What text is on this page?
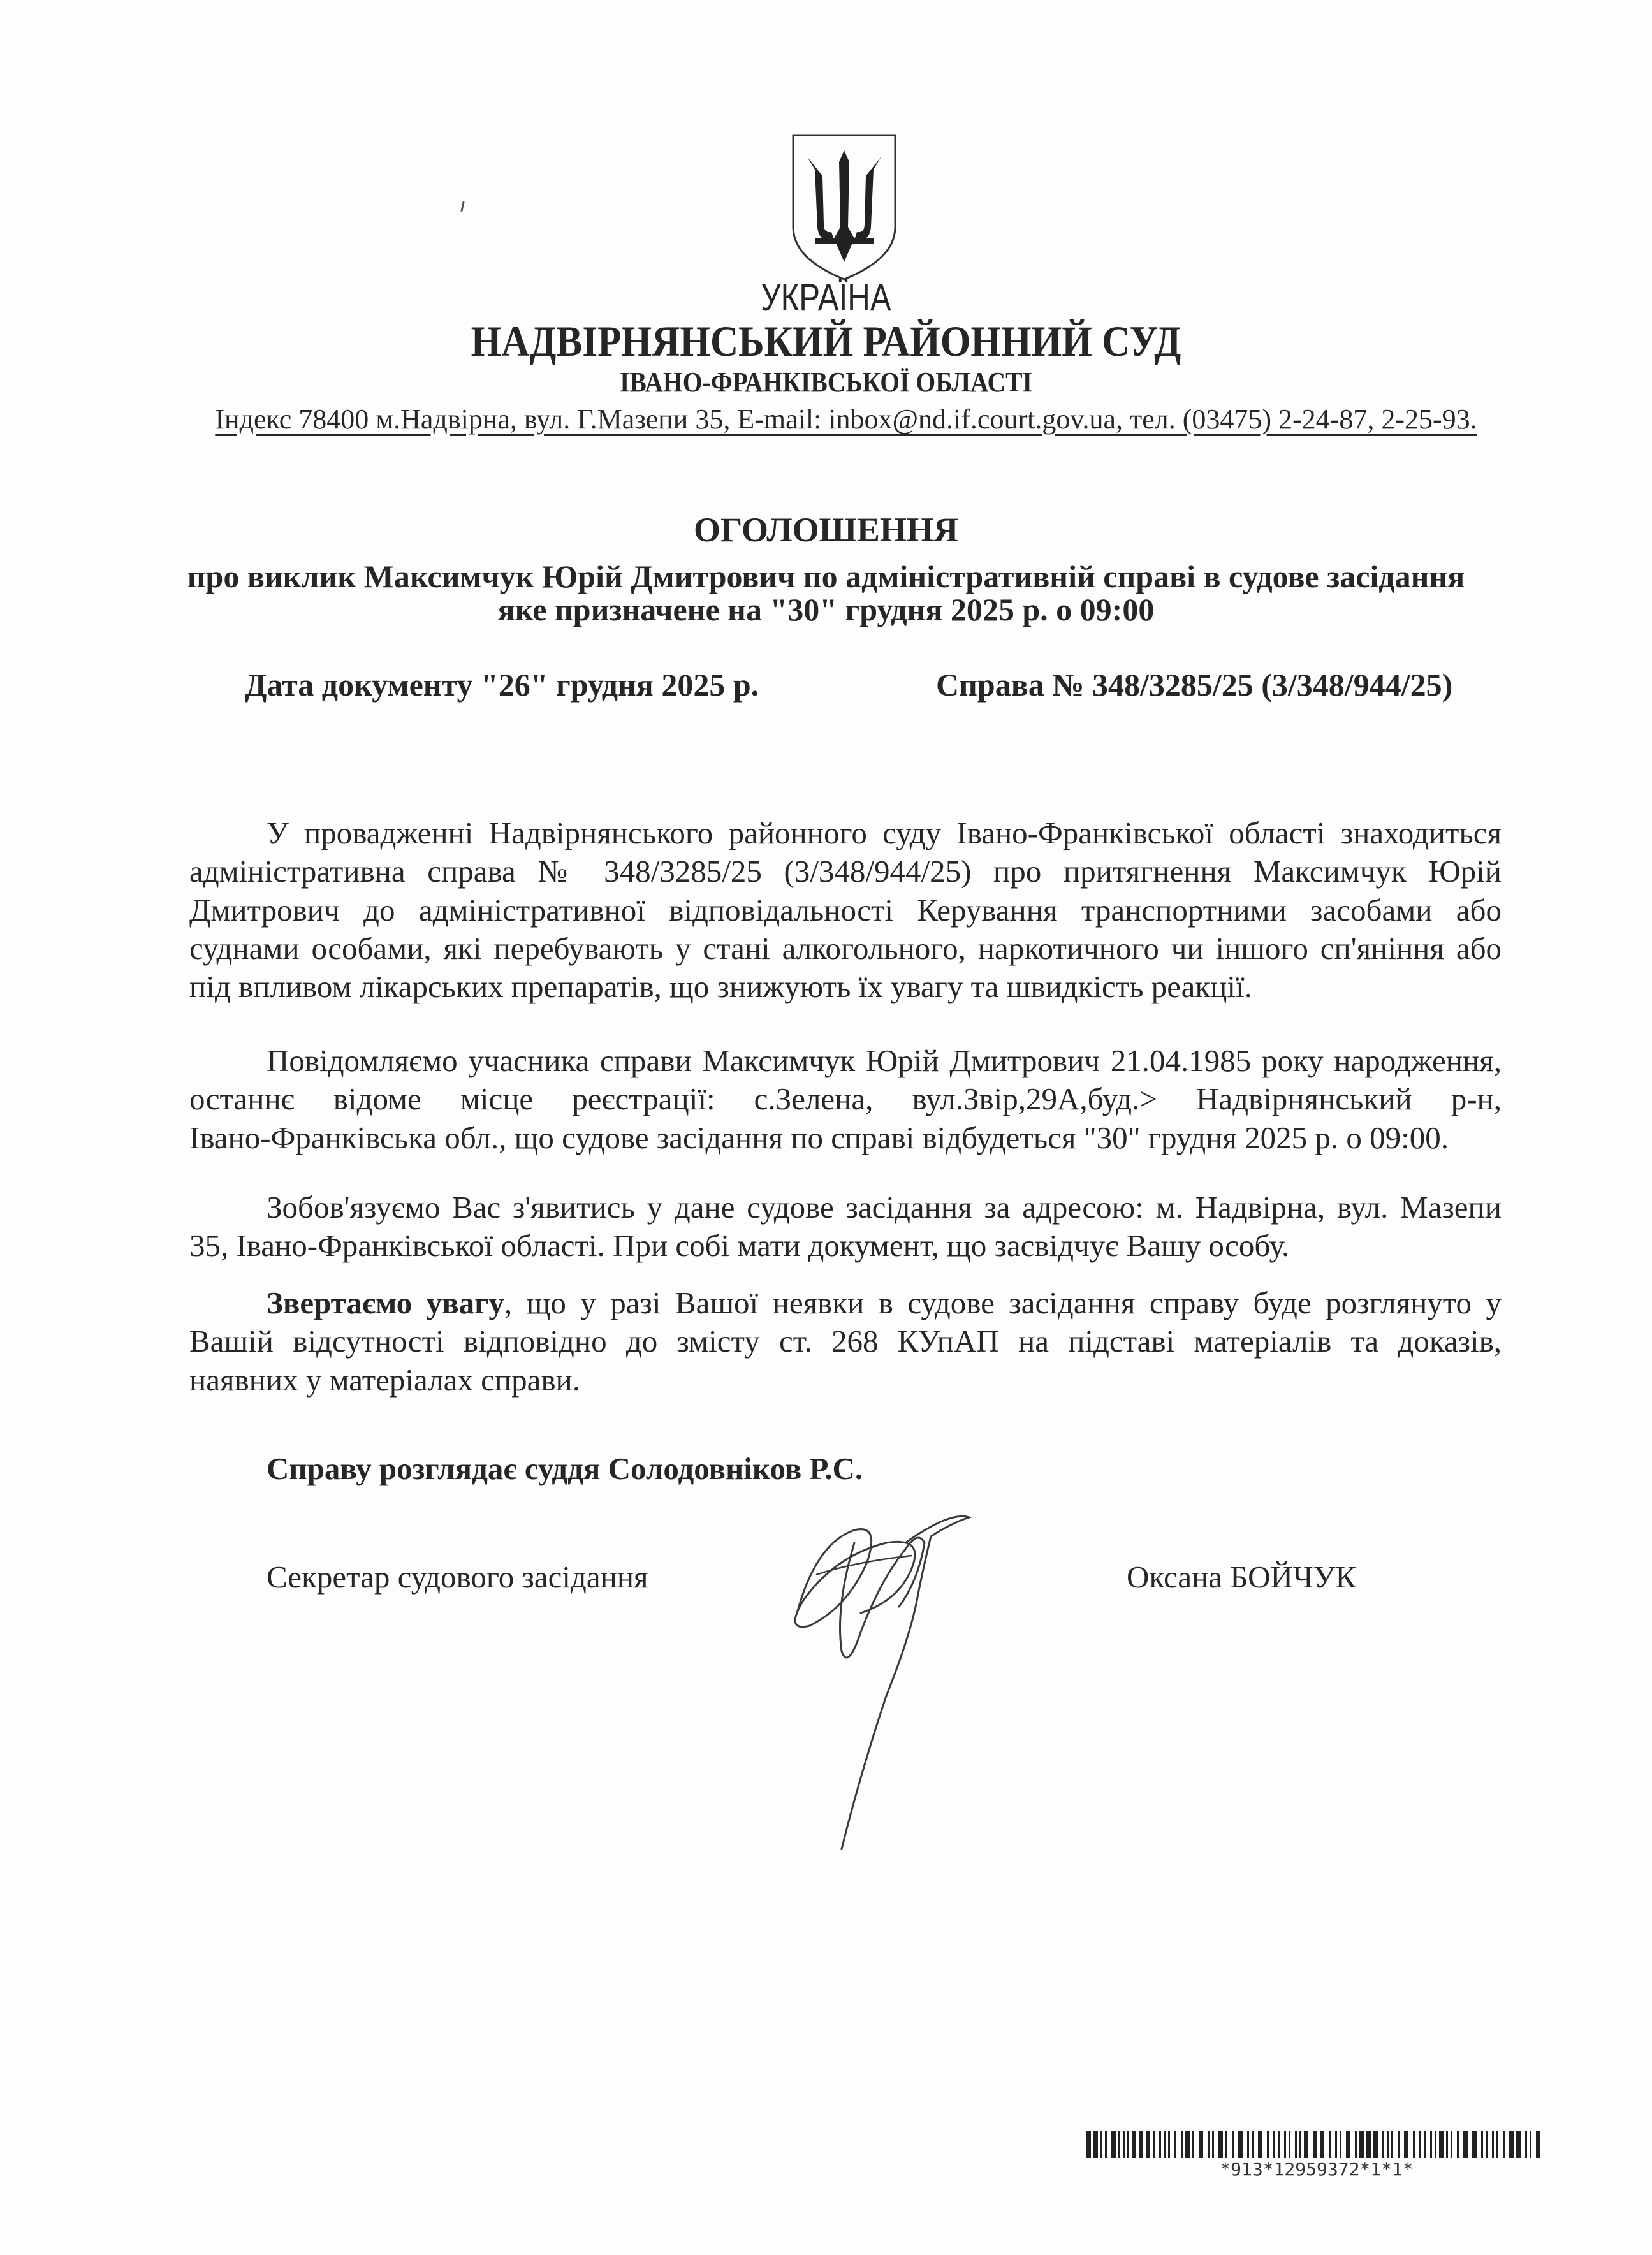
УКРАЇНА
НАДВІРНЯНСЬКИЙ РАЙОННИЙ СУД
ІВАНО-ФРАНКІВСЬКОЇ ОБЛАСТІ
Індекс 78400 м.Надвірна, вул. Г.Мазепи 35, E-mail: inbox@nd.if.court.gov.ua, тел. (03475) 2-24-87, 2-25-93.
ОГОЛОШЕННЯ
про виклик Максимчук Юрій Дмитрович по адміністративній справі в судове засідання
яке призначене на "30" грудня 2025 р. о 09:00
Дата документу "26" грудня 2025 р.	Справа № 348/3285/25 (3/348/944/25)
У провадженні Надвірнянського районного суду Івано-Франківської області знаходиться
адміністративна справа № 348/3285/25 (3/348/944/25) про притягнення Максимчук Юрій
Дмитрович до адміністративної відповідальності Керування транспортними засобами або
суднами особами, які перебувають у стані алкогольного, наркотичного чи іншого сп'яніння або
під впливом лікарських препаратів, що знижують їх увагу та швидкість реакції.
Повідомляємо учасника справи Максимчук Юрій Дмитрович 21.04.1985 року народження,
останнє відоме місце реєстрації: с.Зелена, вул.Звір,29А,буд.> Надвірнянський р-н,
Івано-Франківська обл., що судове засідання по справі відбудеться "30" грудня 2025 р. о 09:00.
Зобов'язуємо Вас з'явитись у дане судове засідання за адресою: м. Надвірна, вул. Мазепи
35, Івано-Франківської області. При собі мати документ, що засвідчує Вашу особу.
Звертаємо увагу, що у разі Вашої неявки в судове засідання справу буде розглянуто у
Вашій відсутності відповідно до змісту ст. 268 КУпАП на підставі матеріалів та доказів,
наявних у матеріалах справи.
Справу розглядає суддя Солодовніков Р.С.
Секретар судового засідання	Оксана БОЙЧУК
*913*12959372*1*1*
